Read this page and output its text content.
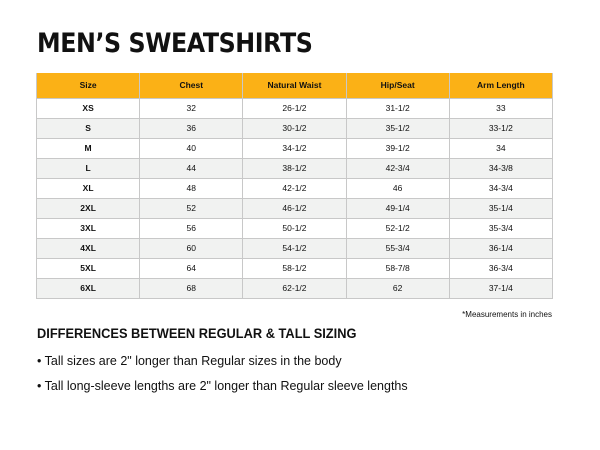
MEN’S SWEATSHIRTS
Size	Chest	Natural Waist	Hip/Seat	Arm Length
XS	32	26-1/2	31-1/2	33
S	36	30-1/2	35-1/2	33-1/2
M	40	34-1/2	39-1/2	34
L	44	38-1/2	42-3/4	34-3/8
XL	48	42-1/2	46	34-3/4
2XL	52	46-1/2	49-1/4	35-1/4
3XL	56	50-1/2	52-1/2	35-3/4
4XL	60	54-1/2	55-3/4	36-1/4
5XL	64	58-1/2	58-7/8	36-3/4
6XL	68	62-1/2	62	37-1/4
*Measurements in inches
DIFFERENCES BETWEEN REGULAR & TALL SIZING
• Tall sizes are 2" longer than Regular sizes in the body
• Tall long-sleeve lengths are 2" longer than Regular sleeve lengths
